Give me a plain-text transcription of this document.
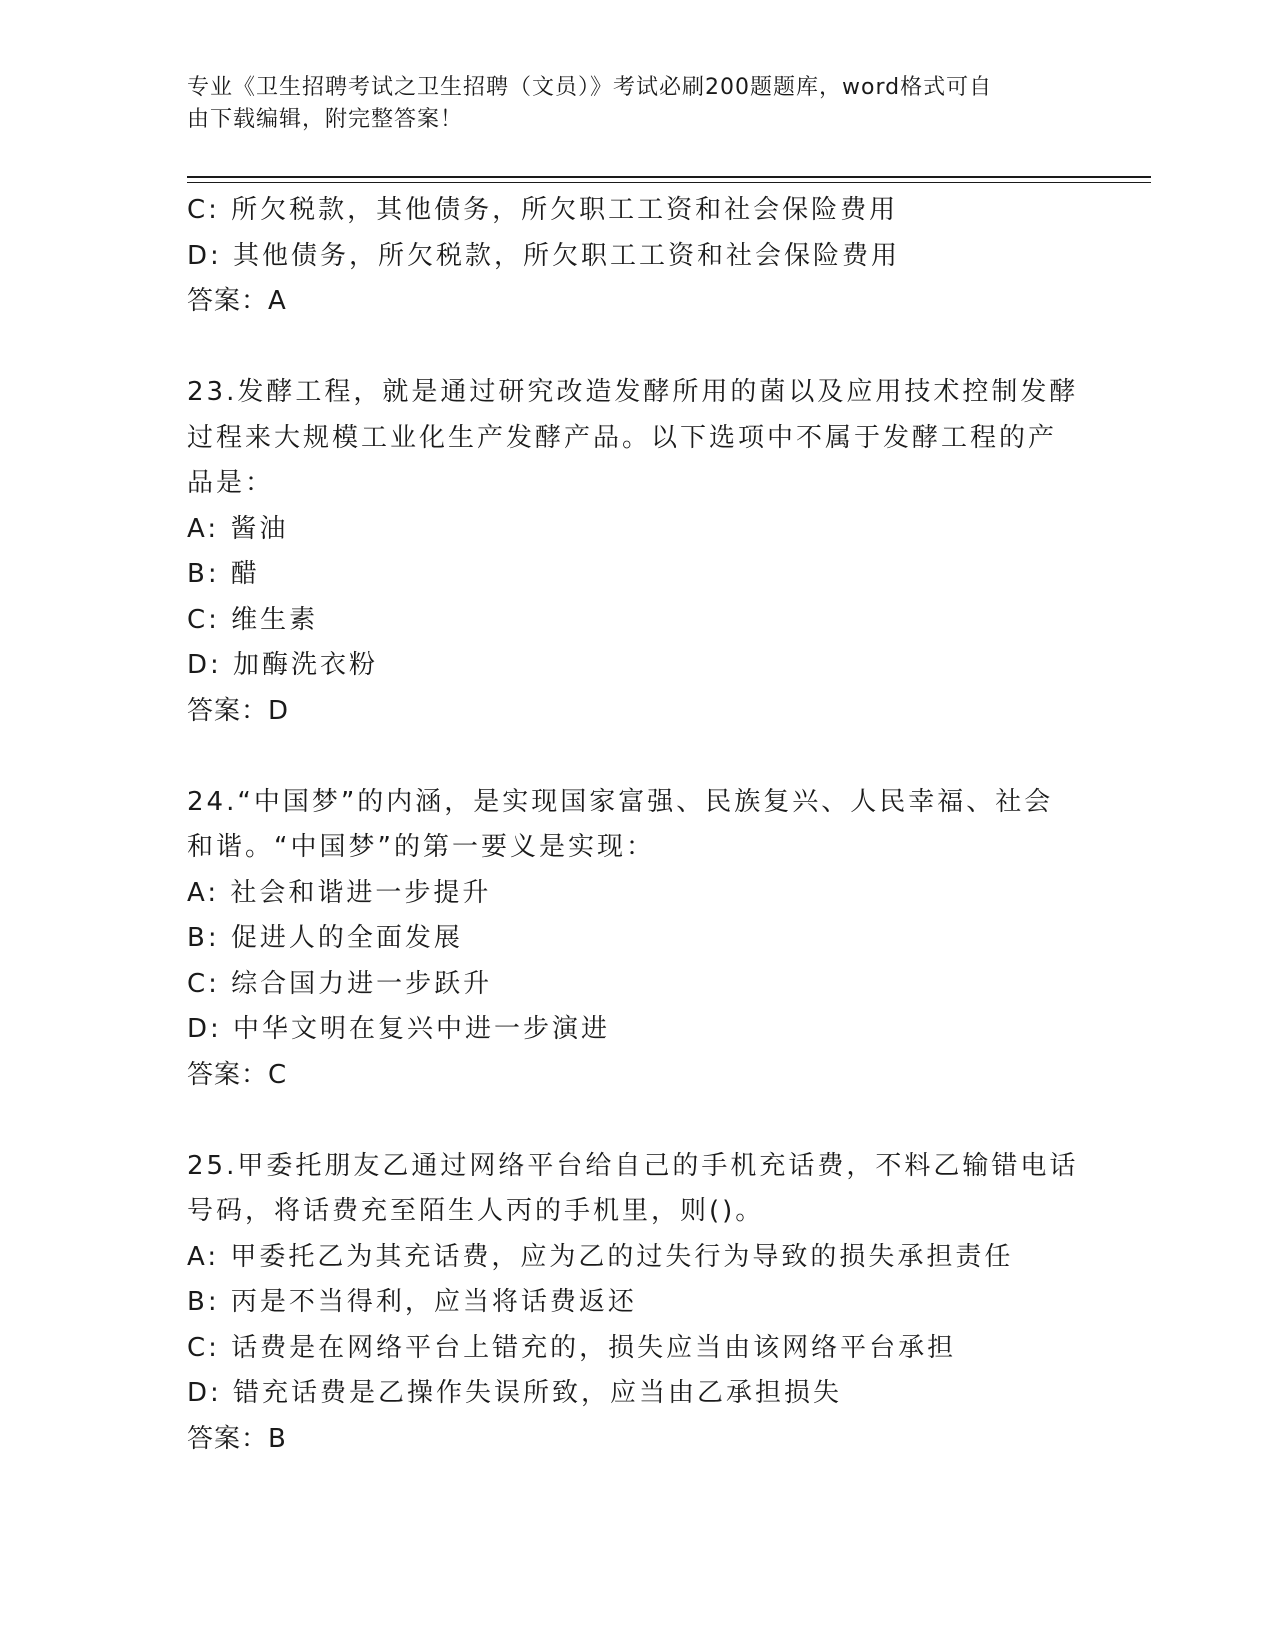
专业《卫生招聘考试之卫生招聘（文员）》考试必刷200题题库，word格式可自
由下载编辑，附完整答案！
C: 所欠税款，其他债务，所欠职工工资和社会保险费用
D: 其他债务，所欠税款，所欠职工工资和社会保险费用
答案：A
23.发酵工程，就是通过研究改造发酵所用的菌以及应用技术控制发酵
过程来大规模工业化生产发酵产品。以下选项中不属于发酵工程的产
品是：
A: 酱油
B: 醋
C: 维生素
D: 加酶洗衣粉
答案：D
24.“中国梦”的内涵，是实现国家富强、民族复兴、人民幸福、社会
和谐。“中国梦”的第一要义是实现：
A: 社会和谐进一步提升
B: 促进人的全面发展
C: 综合国力进一步跃升
D: 中华文明在复兴中进一步演进
答案：C
25.甲委托朋友乙通过网络平台给自己的手机充话费，不料乙输错电话
号码，将话费充至陌生人丙的手机里，则()。
A: 甲委托乙为其充话费，应为乙的过失行为导致的损失承担责任
B: 丙是不当得利，应当将话费返还
C: 话费是在网络平台上错充的，损失应当由该网络平台承担
D: 错充话费是乙操作失误所致，应当由乙承担损失
答案：B
